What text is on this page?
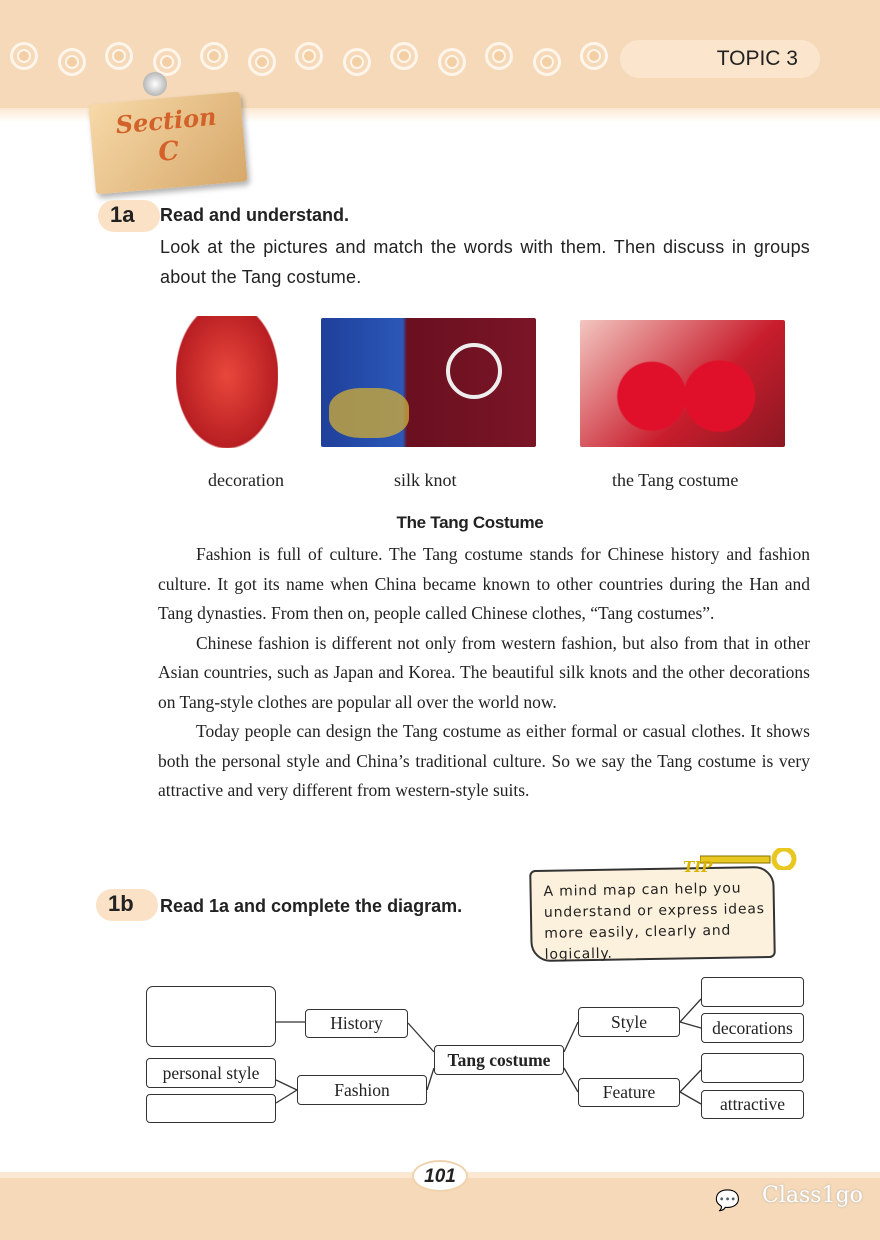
TOPIC 3
Section
C
1a	Read and understand.
Look at the pictures and match the words with them. Then discuss in groups about the Tang costume.
decoration	silk knot	the Tang costume
The Tang Costume

Fashion is full of culture. The Tang costume stands for Chinese history and fashion culture. It got its name when China became known to other countries during the Han and Tang dynasties. From then on, people called Chinese clothes, “Tang costumes”.

Chinese fashion is different not only from western fashion, but also from that in other Asian countries, such as Japan and Korea. The beautiful silk knots and the other decorations on Tang-style clothes are popular all over the world now.

Today people can design the Tang costume as either formal or casual clothes. It shows both the personal style and China’s traditional culture. So we say the Tang costume is very attractive and very different from western-style suits.

1b	Read 1a and complete the diagram.
A mind map can help you understand or express ideas more easily, clearly and logically.
TIP
History
personal style
Fashion
Tang costume
Style
Feature
decorations
attractive
101
💬 Class1go
